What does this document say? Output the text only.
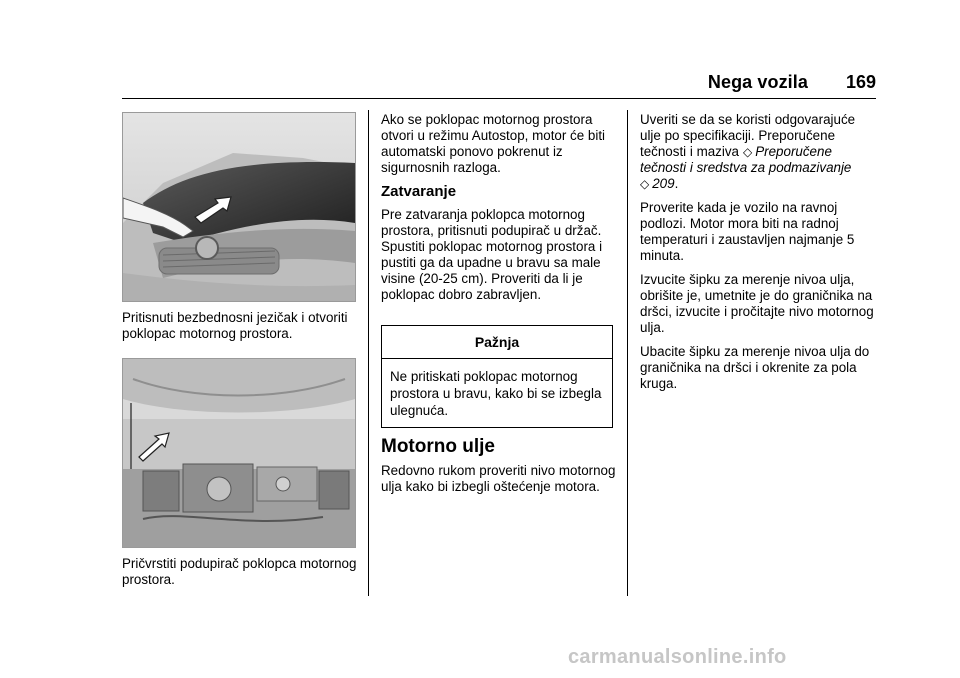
Nega vozila 169
Pritisnuti bezbednosni jezičak i otvoriti poklopac motornog prostora.
Pričvrstiti podupirač poklopca motornog prostora.

Ako se poklopac motornog prostora otvori u režimu Autostop, motor će biti automatski ponovo pokrenut iz sigurnosnih razloga.

Zatvaranje

Pre zatvaranja poklopca motornog prostora, pritisnuti podupirač u držač. Spustiti poklopac motornog prostora i pustiti ga da upadne u bravu sa male visine (20-25 cm). Proveriti da li je poklopac dobro zabravljen.

Pažnja
Ne pritiskati poklopac motornog prostora u bravu, kako bi se izbegla ulegnuća.
Motorno ulje

Redovno rukom proveriti nivo motornog ulja kako bi izbegli oštećenje motora.

Uveriti se da se koristi odgovarajuće ulje po specifikaciji. Preporučene tečnosti i maziva ◇ Preporučene tečnosti i sredstva za podmazivanje
◇ 209.

Proverite kada je vozilo na ravnoj podlozi. Motor mora biti na radnoj temperaturi i zaustavljen najmanje 5 minuta.

Izvucite šipku za merenje nivoa ulja, obrišite je, umetnite je do graničnika na dršci, izvucite i pročitajte nivo motornog ulja.

Ubacite šipku za merenje nivoa ulja do graničnika na dršci i okrenite za pola kruga.

carmanualsonline.info
